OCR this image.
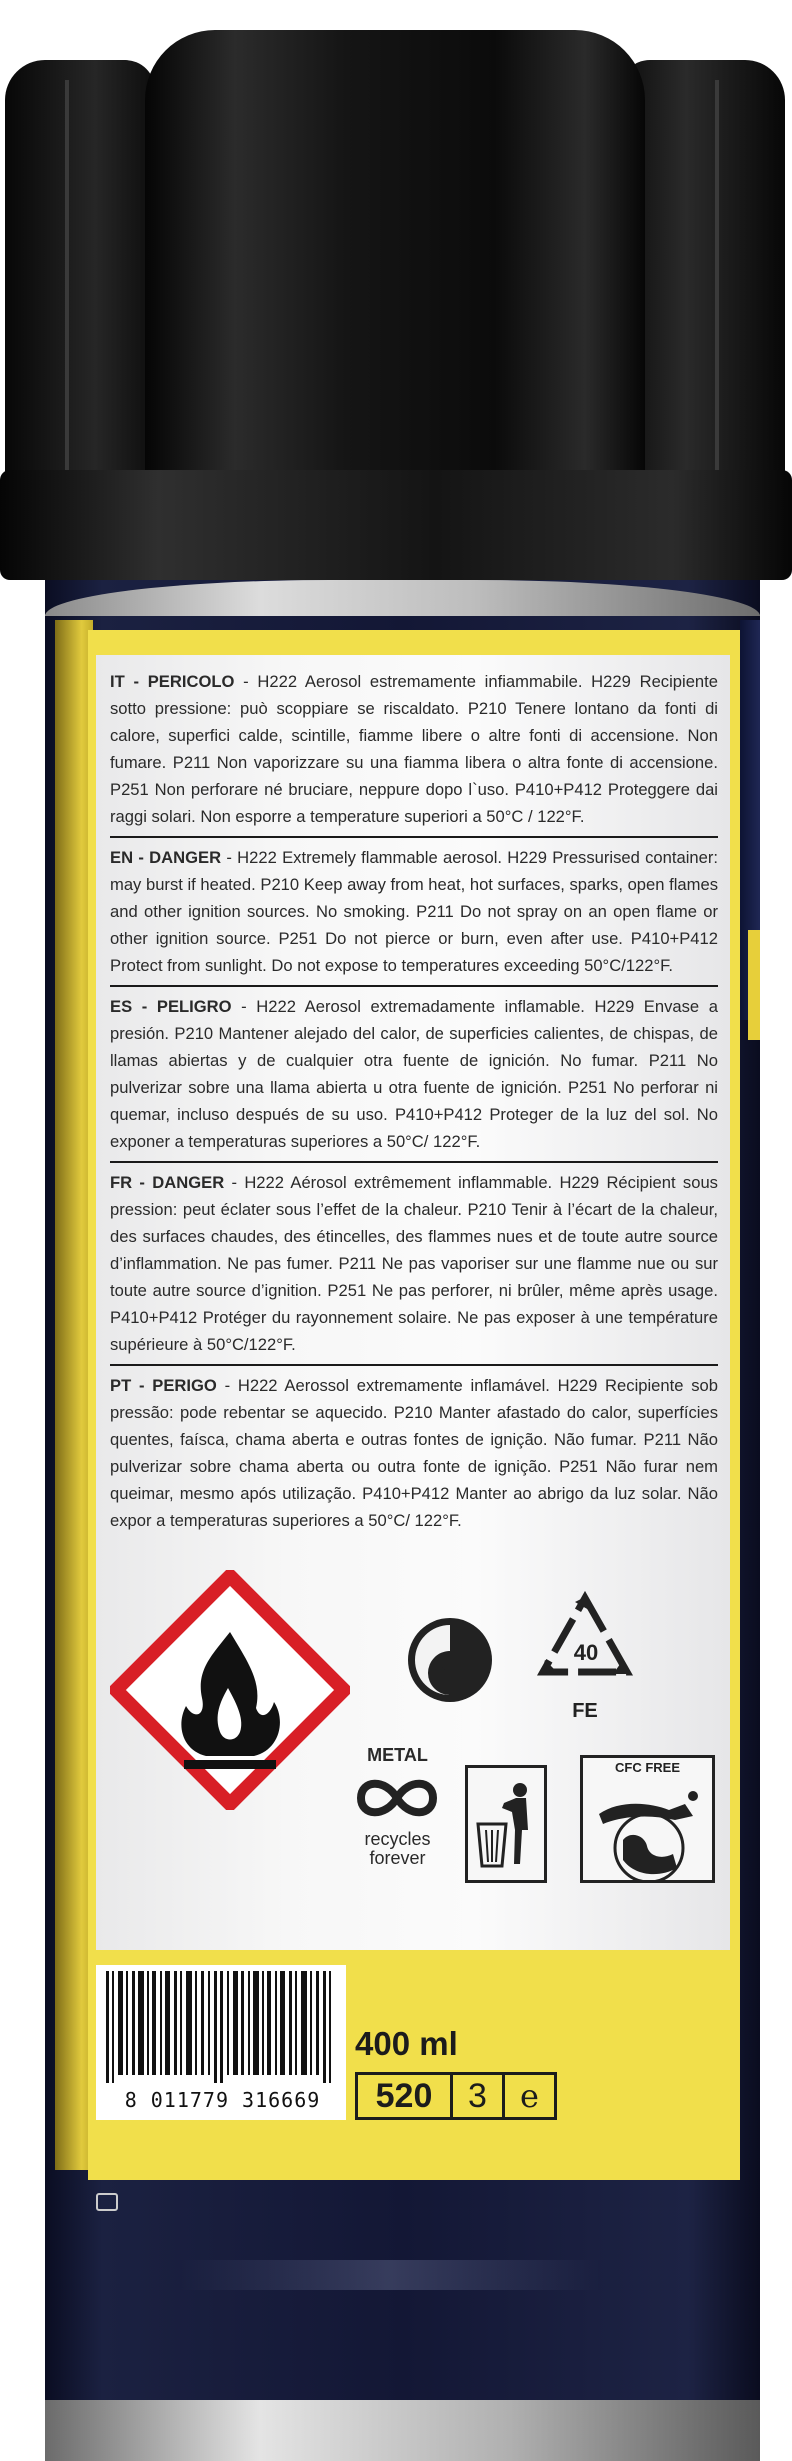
IT - PERICOLO - H222 Aerosol estremamente infiammabile. H229 Recipiente sotto pressione: può scoppiare se riscaldato. P210 Tenere lontano da fonti di calore, superfici calde, scintille, fiamme libere o altre fonti di accensione. Non fumare. P211 Non vaporizzare su una fiamma libera o altra fonte di accensione. P251 Non perforare né bruciare, neppure dopo l`uso. P410+P412 Proteggere dai raggi solari. Non esporre a temperature superiori a 50°C / 122°F.
EN - DANGER - H222 Extremely flammable aerosol. H229 Pressurised container: may burst if heated. P210 Keep away from heat, hot surfaces, sparks, open flames and other ignition sources. No smoking. P211 Do not spray on an open flame or other ignition source. P251 Do not pierce or burn, even after use. P410+P412 Protect from sunlight. Do not expose to temperatures exceeding 50°C/122°F.
ES - PELIGRO - H222 Aerosol extremadamente inflamable. H229 Envase a presión. P210 Mantener alejado del calor, de superficies calientes, de chispas, de llamas abiertas y de cualquier otra fuente de ignición. No fumar. P211 No pulverizar sobre una llama abierta u otra fuente de ignición. P251 No perforar ni quemar, incluso después de su uso. P410+P412 Proteger de la luz del sol. No exponer a temperaturas superiores a 50°C/ 122°F.
FR - DANGER - H222 Aérosol extrêmement inflammable. H229 Récipient sous pression: peut éclater sous l’effet de la chaleur. P210 Tenir à l’écart de la chaleur, des surfaces chaudes, des étincelles, des flammes nues et de toute autre source d’inflammation. Ne pas fumer. P211 Ne pas vaporiser sur une flamme nue ou sur toute autre source d’ignition. P251 Ne pas perforer, ni brûler, même après usage. P410+P412 Protéger du rayonnement solaire. Ne pas exposer à une température supérieure à 50°C/122°F.
PT - PERIGO - H222 Aerossol extremamente inflamável. H229 Recipiente sob pressão: pode rebentar se aquecido. P210 Manter afastado do calor, superfícies quentes, faísca, chama aberta e outras fontes de ignição. Não fumar. P211 Não pulverizar sobre chama aberta ou outra fonte de ignição. P251 Não furar nem queimar, mesmo após utilização. P410+P412 Manter ao abrigo da luz solar. Não expor a temperaturas superiores a 50°C/ 122°F.
40
FE
METAL
recycles forever
CFC FREE
8 011779 316669
400 ml
520	3	e
